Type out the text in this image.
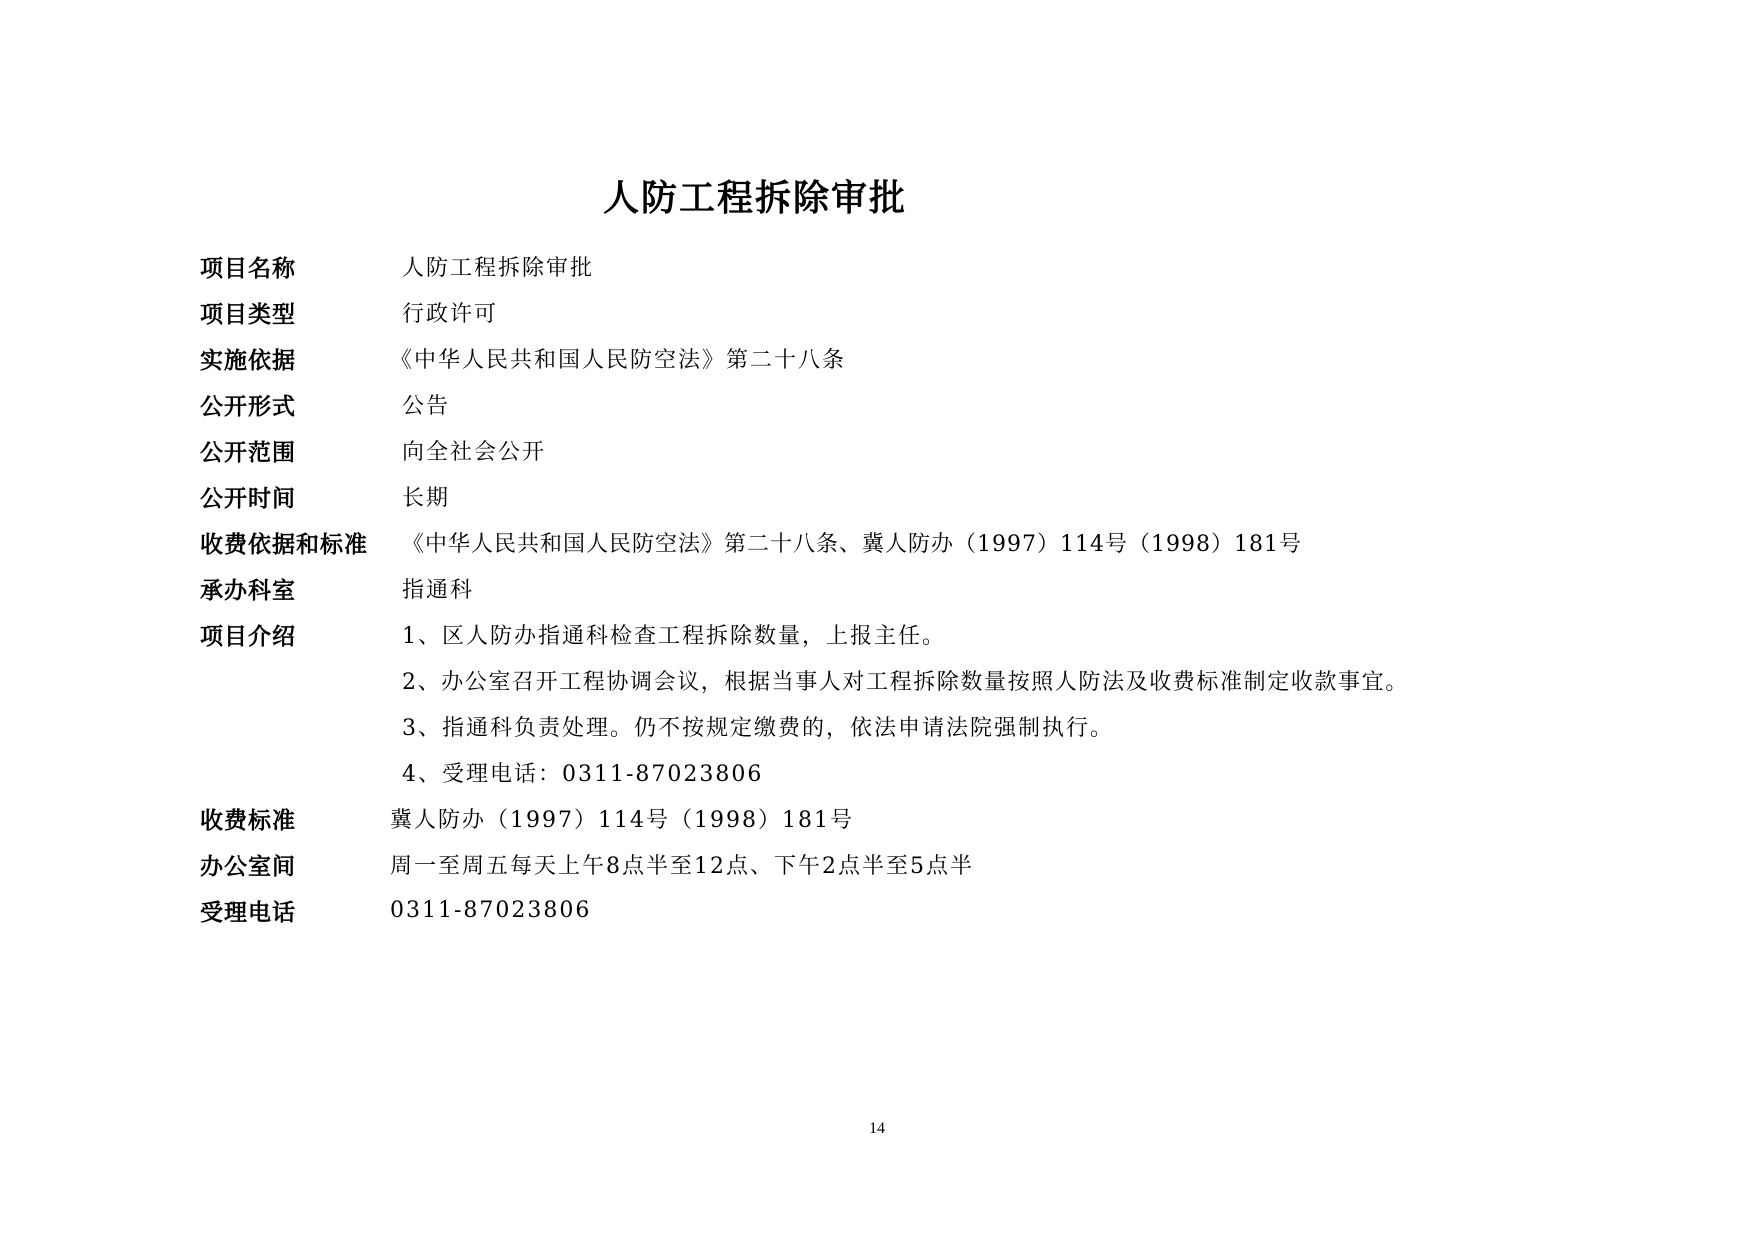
人防工程拆除审批
项目名称	人防工程拆除审批
项目类型	行政许可
实施依据	《中华人民共和国人民防空法》第二十八条
公开形式	公告
公开范围	向全社会公开
公开时间	长期
收费依据和标准	《中华人民共和国人民防空法》第二十八条、冀人防办（1997）114号（1998）181号
承办科室	指通科
项目介绍	1、区人防办指通科检查工程拆除数量，上报主任。
2、办公室召开工程协调会议，根据当事人对工程拆除数量按照人防法及收费标准制定收款事宜。
3、指通科负责处理。仍不按规定缴费的，依法申请法院强制执行。
4、受理电话：0311-87023806
收费标准	冀人防办（1997）114号（1998）181号
办公室间	周一至周五每天上午8点半至12点、下午2点半至5点半
受理电话	0311-87023806
14
